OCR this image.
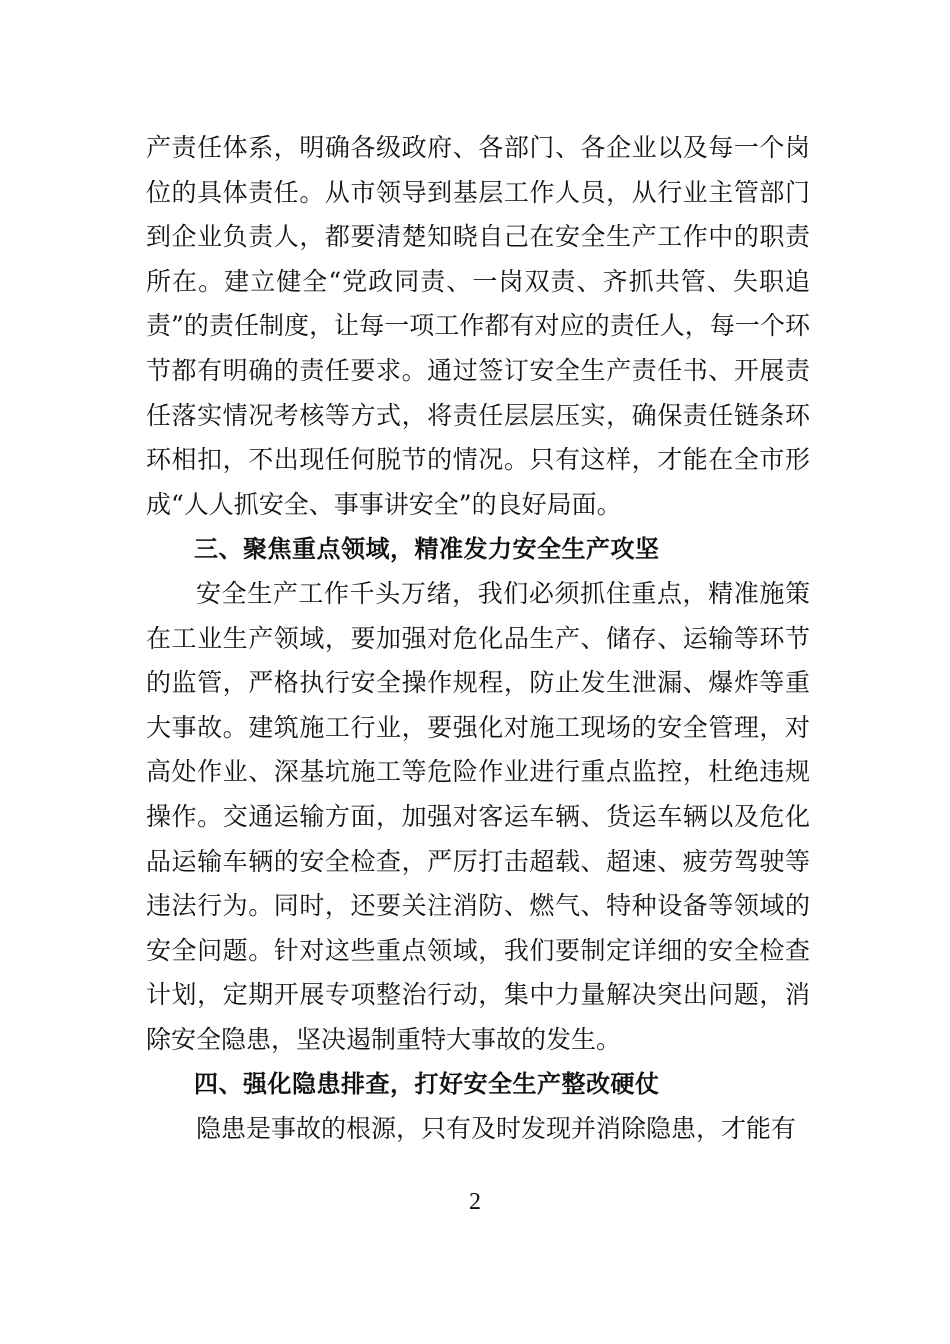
产责任体系，明确各级政府、各部门、各企业以及每一个岗位的具体责任。从市领导到基层工作人员，从行业主管部门到企业负责人，都要清楚知晓自己在安全生产工作中的职责所在。建立健全“党政同责、一岗双责、齐抓共管、失职追责”的责任制度，让每一项工作都有对应的责任人，每一个环节都有明确的责任要求。通过签订安全生产责任书、开展责任落实情况考核等方式，将责任层层压实，确保责任链条环环相扣，不出现任何脱节的情况。只有这样，才能在全市形成“人人抓安全、事事讲安全”的良好局面。

三、聚焦重点领域，精准发力安全生产攻坚

安全生产工作千头万绪，我们必须抓住重点，精准施策在工业生产领域，要加强对危化品生产、储存、运输等环节的监管，严格执行安全操作规程，防止发生泄漏、爆炸等重大事故。建筑施工行业，要强化对施工现场的安全管理，对高处作业、深基坑施工等危险作业进行重点监控，杜绝违规操作。交通运输方面，加强对客运车辆、货运车辆以及危化品运输车辆的安全检查，严厉打击超载、超速、疲劳驾驶等违法行为。同时，还要关注消防、燃气、特种设备等领域的安全问题。针对这些重点领域，我们要制定详细的安全检查计划，定期开展专项整治行动，集中力量解决突出问题，消除安全隐患，坚决遏制重特大事故的发生。

四、强化隐患排查，打好安全生产整改硬仗

隐患是事故的根源，只有及时发现并消除隐患，才能有

2
